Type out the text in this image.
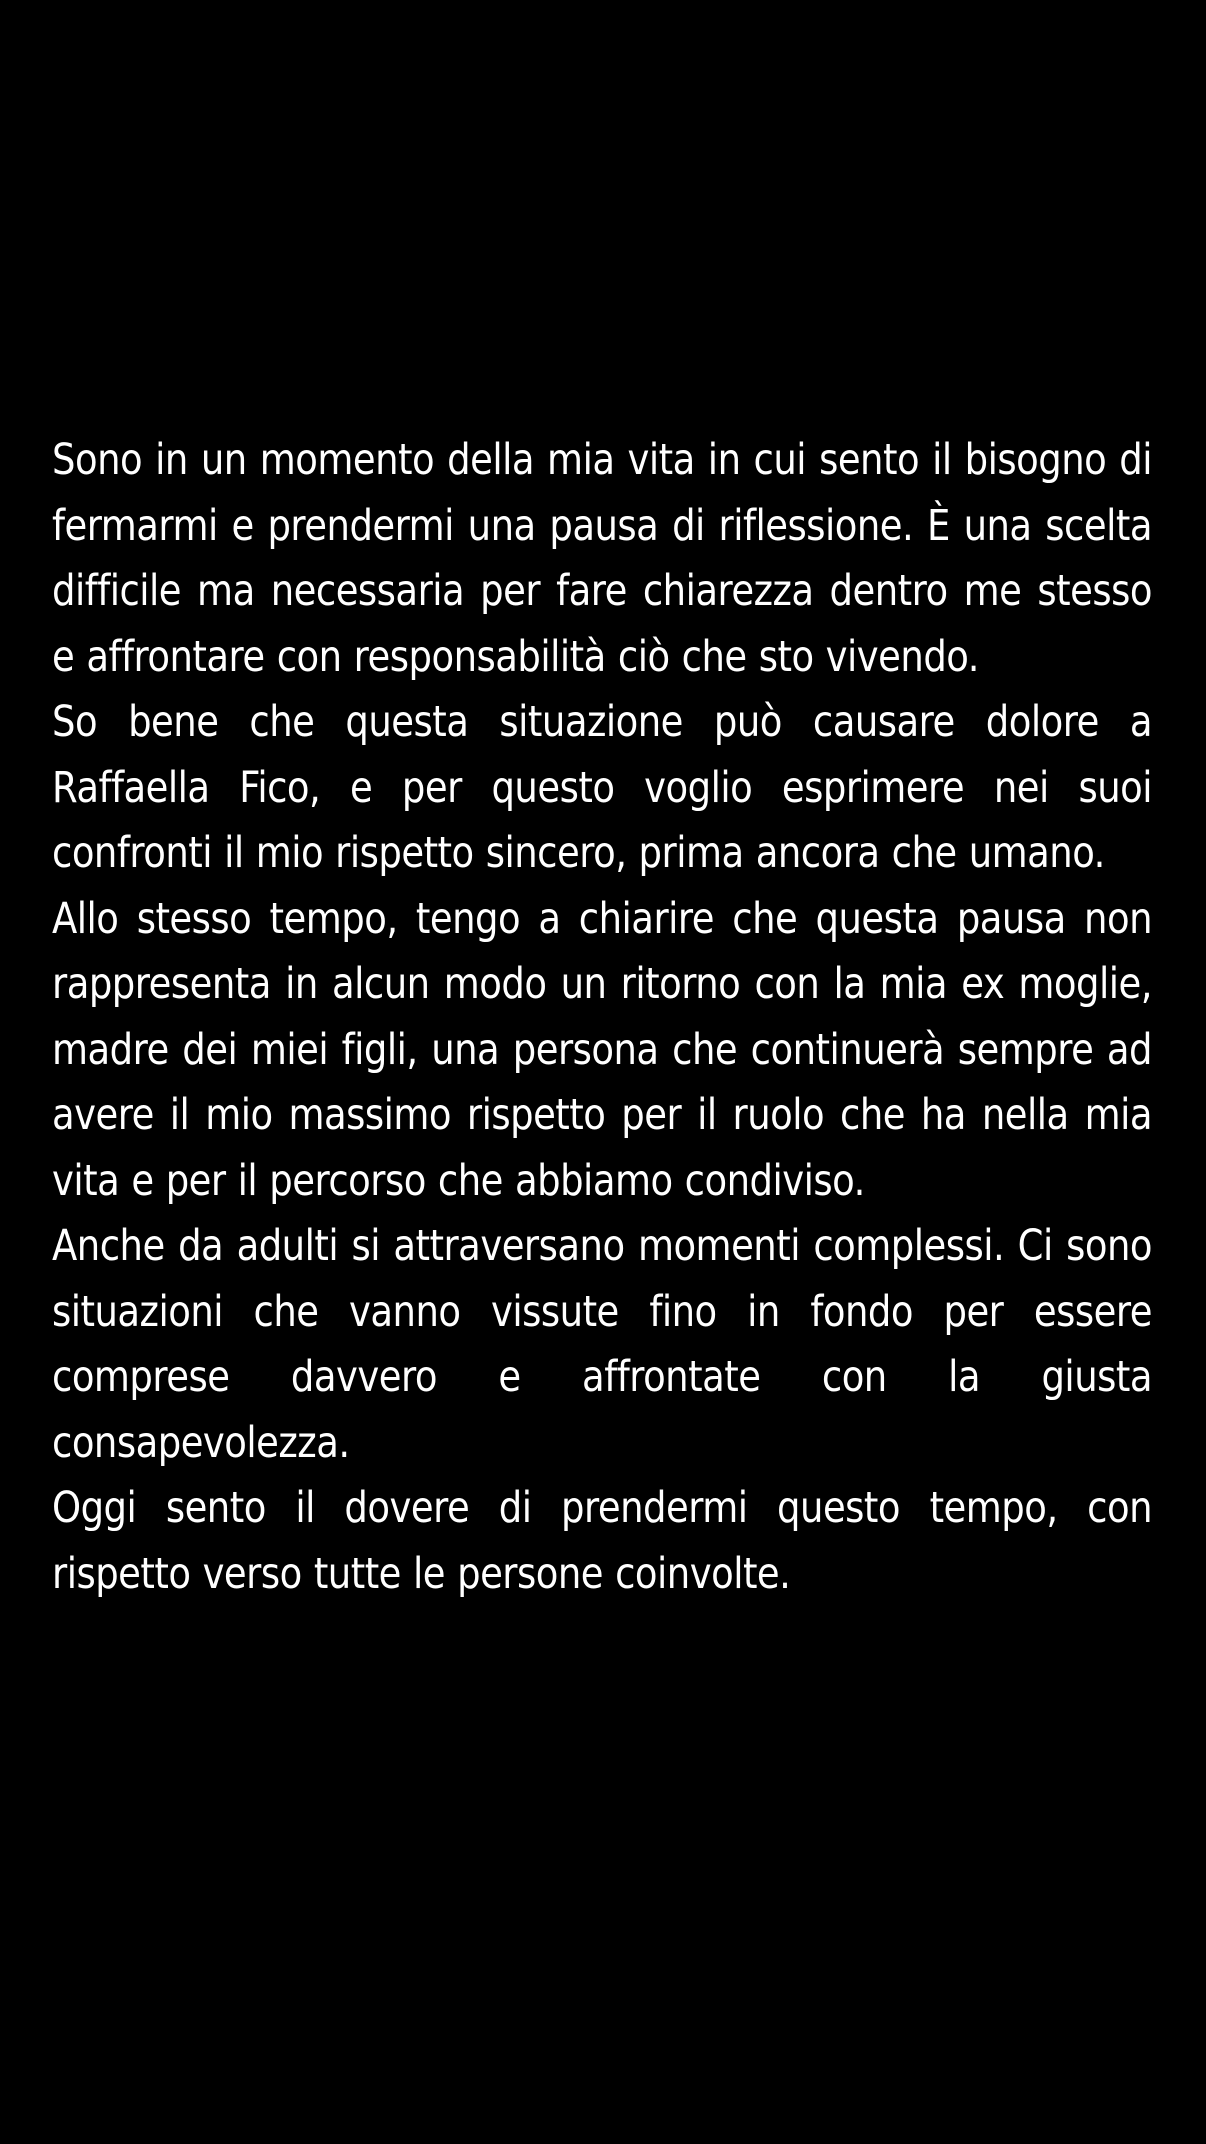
Sono in un momento della mia vita in cui sento il bisogno di fermarmi e prendermi una pausa di riflessione. È una scelta difficile ma necessaria per fare chiarezza dentro me stesso e affrontare con responsabilità ciò che sto vivendo.

So bene che questa situazione può causare dolore a Raffaella Fico, e per questo voglio esprimere nei suoi confronti il mio rispetto sincero, prima ancora che umano.

Allo stesso tempo, tengo a chiarire che questa pausa non rappresenta in alcun modo un ritorno con la mia ex moglie, madre dei miei figli, una persona che continuerà sempre ad avere il mio massimo rispetto per il ruolo che ha nella mia vita e per il percorso che abbiamo condiviso.

Anche da adulti si attraversano momenti complessi. Ci sono situazioni che vanno vissute fino in fondo per essere comprese davvero e affrontate con la giusta consapevolezza.

Oggi sento il dovere di prendermi questo tempo, con rispetto verso tutte le persone coinvolte.
